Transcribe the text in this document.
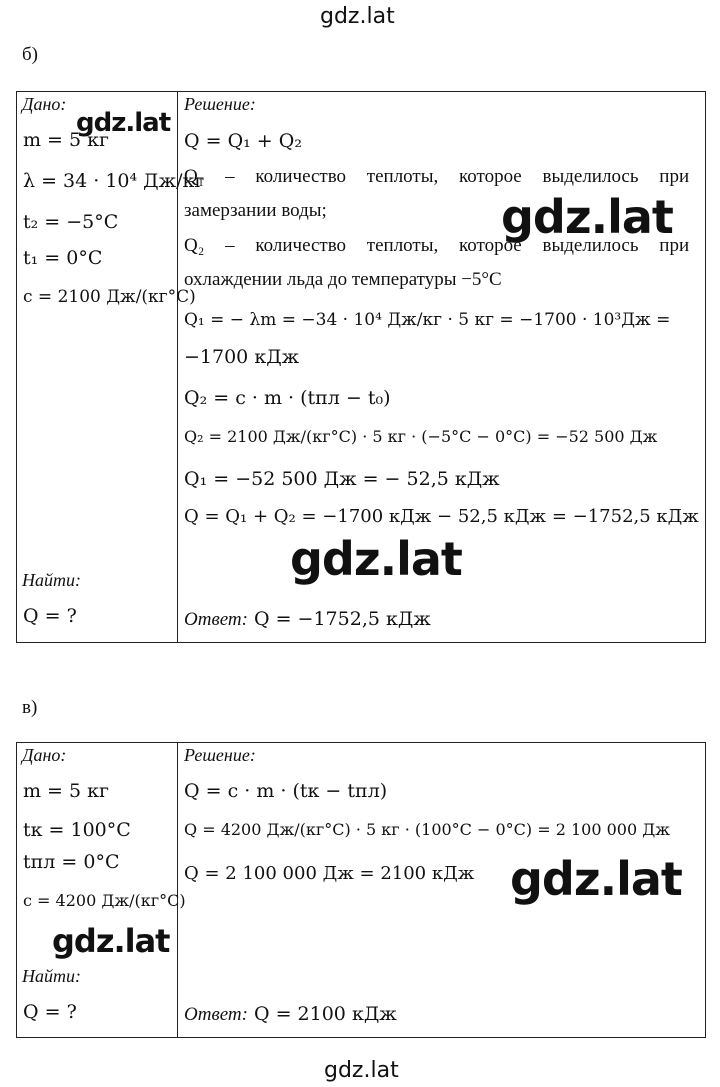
gdz.lat
б)
Дано:
m = 5 кг
λ = 34 · 10⁴ Дж/кг
t₂ = −5°C
t₁ = 0°C
c = 2100 Дж/(кг°C)
Найти:
Q = ?
Решение:
Q = Q₁ + Q₂
Q₁ – количество теплоты, которое выделилось при
замерзании воды;
Q₂ – количество теплоты, которое выделилось при
охлаждении льда до температуры −5°C
Q₁ = − λm = −34 · 10⁴ Дж/кг · 5 кг = −1700 · 10³Дж =
−1700 кДж
Q₂ = c · m · (tпл − t₀)
Q₂ = 2100 Дж/(кг°C) · 5 кг · (−5°C − 0°C) = −52 500 Дж
Q₁ = −52 500 Дж = − 52,5 кДж
Q = Q₁ + Q₂ = −1700 кДж − 52,5 кДж = −1752,5 кДж
Ответ: Q = −1752,5 кДж
gdz.lat
gdz.lat
gdz.lat
в)
Дано:
m = 5 кг
tк = 100°C
tпл = 0°C
c = 4200 Дж/(кг°C)
Найти:
Q = ?
Решение:
Q = c · m · (tк − tпл)
Q = 4200 Дж/(кг°C) · 5 кг · (100°C − 0°C) = 2 100 000 Дж
Q = 2 100 000 Дж = 2100 кДж
Ответ: Q = 2100 кДж
gdz.lat
gdz.lat
gdz.lat
